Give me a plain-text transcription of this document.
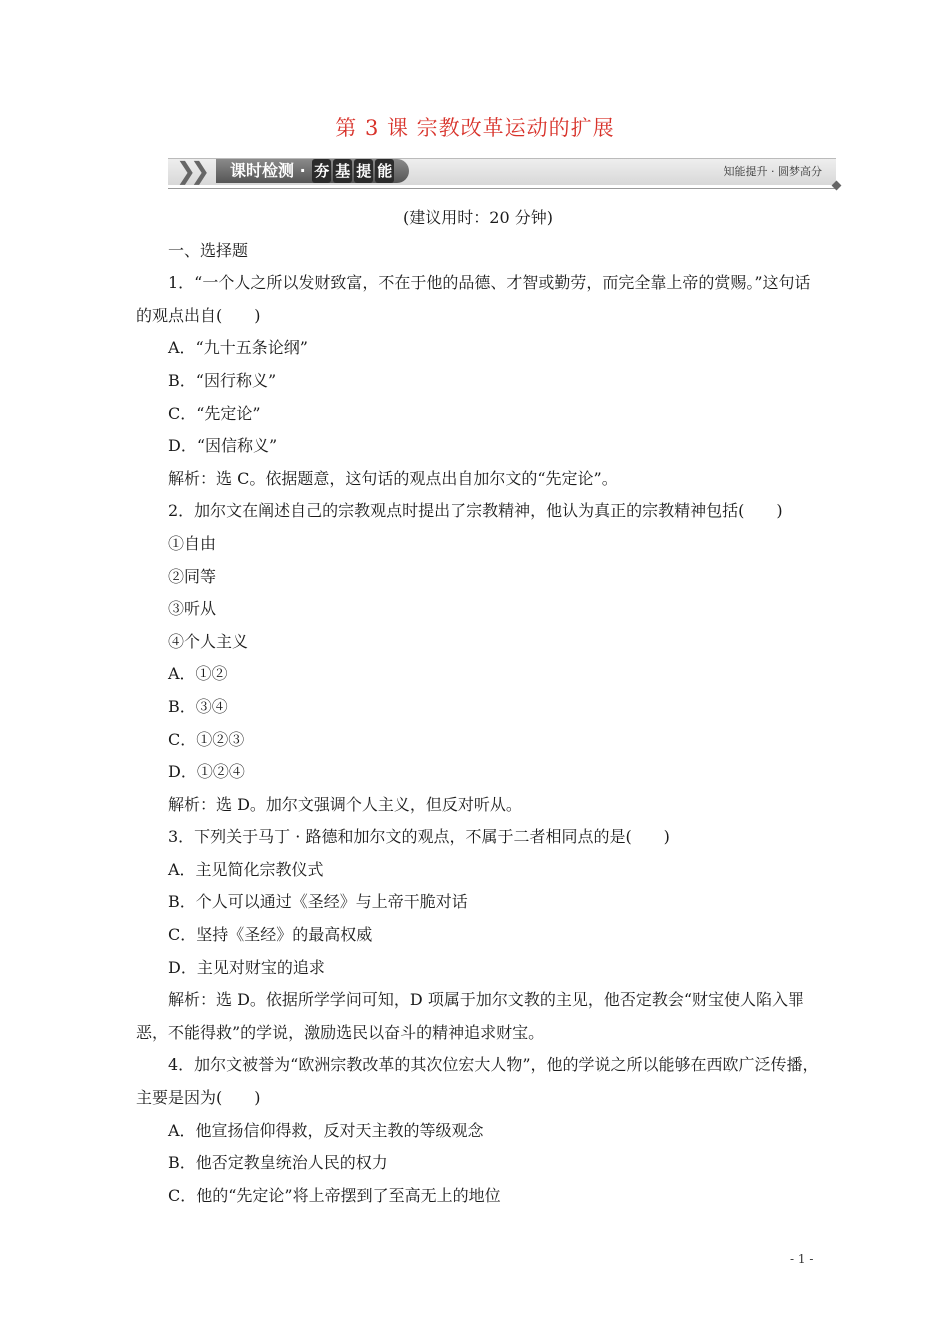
第 3 课 宗教改革运动的扩展
❯❯	课时检测 · 夯 基 提 能	知能提升 · 圆梦高分

(建议用时：20 分钟)

一、选择题

1．“一个人之所以发财致富，不在于他的品德、才智或勤劳，而完全靠上帝的赏赐。”这句话的观点出自(　　)

A．“九十五条论纲”

B．“因行称义”

C．“先定论”

D．“因信称义”

解析：选 C。依据题意，这句话的观点出自加尔文的“先定论”。

2．加尔文在阐述自己的宗教观点时提出了宗教精神，他认为真正的宗教精神包括(　　)

①自由

②同等

③听从

④个人主义

A．①②

B．③④

C．①②③

D．①②④

解析：选 D。加尔文强调个人主义，但反对听从。

3．下列关于马丁 · 路德和加尔文的观点，不属于二者相同点的是(　　)

A．主见简化宗教仪式

B．个人可以通过《圣经》与上帝干脆对话

C．坚持《圣经》的最高权威

D．主见对财宝的追求

解析：选 D。依据所学学问可知，D 项属于加尔文教的主见，他否定教会“财宝使人陷入罪恶，不能得救”的学说，激励选民以奋斗的精神追求财宝。

4．加尔文被誉为“欧洲宗教改革的其次位宏大人物”，他的学说之所以能够在西欧广泛传播，主要是因为(　　)

A．他宣扬信仰得救，反对天主教的等级观念

B．他否定教皇统治人民的权力

C．他的“先定论”将上帝摆到了至高无上的地位

- 1 -
